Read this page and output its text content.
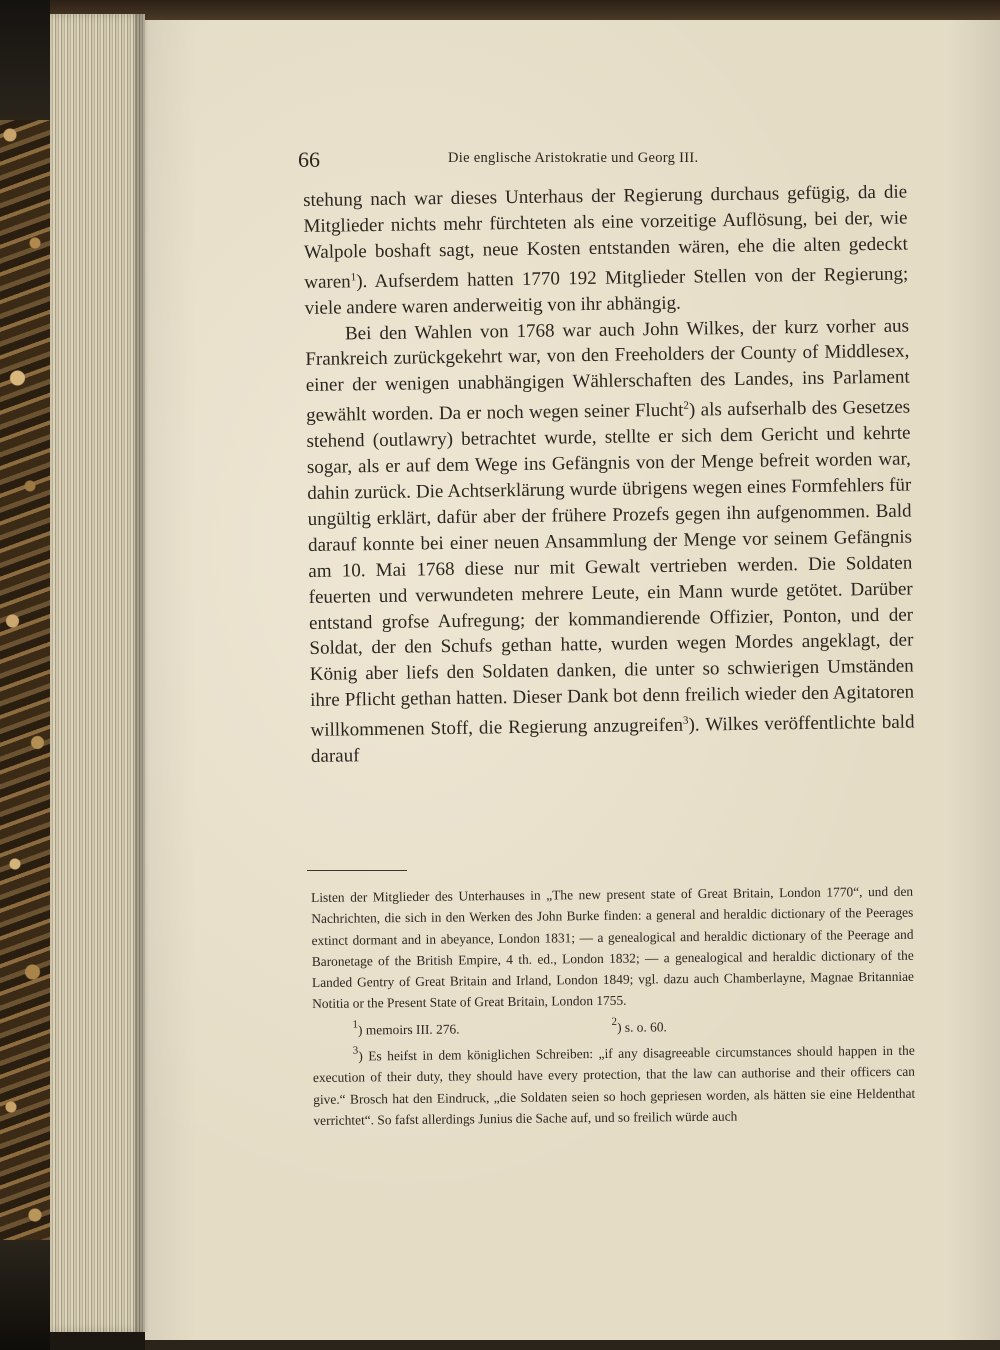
66	Die englische Aristokratie und Georg III.

stehung nach war dieses Unterhaus der Regierung durchaus gefügig, da die Mitglieder nichts mehr fürchteten als eine vorzeitige Auflösung, bei der, wie Walpole boshaft sagt, neue Kosten entstanden wären, ehe die alten gedeckt waren$^1$). Aufserdem hatten 1770 192 Mitglieder Stellen von der Regierung; viele andere waren anderweitig von ihr abhängig.

Bei den Wahlen von 1768 war auch John Wilkes, der kurz vorher aus Frankreich zurückgekehrt war, von den Freeholders der County of Middlesex, einer der wenigen unabhängigen Wählerschaften des Landes, ins Parlament gewählt worden. Da er noch wegen seiner Flucht$^2$) als aufserhalb des Gesetzes stehend (outlawry) betrachtet wurde, stellte er sich dem Gericht und kehrte sogar, als er auf dem Wege ins Gefängnis von der Menge befreit worden war, dahin zurück. Die Achtserklärung wurde übrigens wegen eines Formfehlers für ungültig erklärt, dafür aber der frühere Prozefs gegen ihn aufgenommen. Bald darauf konnte bei einer neuen Ansammlung der Menge vor seinem Gefängnis am 10. Mai 1768 diese nur mit Gewalt vertrieben werden. Die Soldaten feuerten und verwundeten mehrere Leute, ein Mann wurde getötet. Darüber entstand grofse Aufregung; der kommandierende Offizier, Ponton, und der Soldat, der den Schufs gethan hatte, wurden wegen Mordes angeklagt, der König aber liefs den Soldaten danken, die unter so schwierigen Umständen ihre Pflicht gethan hatten. Dieser Dank bot denn freilich wieder den Agitatoren willkommenen Stoff, die Regierung anzugreifen$^3$). Wilkes veröffentlichte bald darauf

Listen der Mitglieder des Unterhauses in „The new present state of Great Britain, London 1770“, und den Nachrichten, die sich in den Werken des John Burke finden: a general and heraldic dictionary of the Peerages extinct dormant and in abeyance, London 1831; — a genealogical and heraldic dictionary of the Peerage and Baronetage of the British Empire, 4 th. ed., London 1832; — a genealogical and heraldic dictionary of the Landed Gentry of Great Britain and Irland, London 1849; vgl. dazu auch Chamberlayne, Magnae Britanniae Notitia or the Present State of Great Britain, London 1755.

$^1$) memoirs III. 276.	$^2$) s. o. 60.

$^3$) Es heifst in dem königlichen Schreiben: „if any disagreeable circumstances should happen in the execution of their duty, they should have every protection, that the law can authorise and their officers can give.“ Brosch hat den Eindruck, „die Soldaten seien so hoch gepriesen worden, als hätten sie eine Heldenthat verrichtet“. So fafst allerdings Junius die Sache auf, und so freilich würde auch
